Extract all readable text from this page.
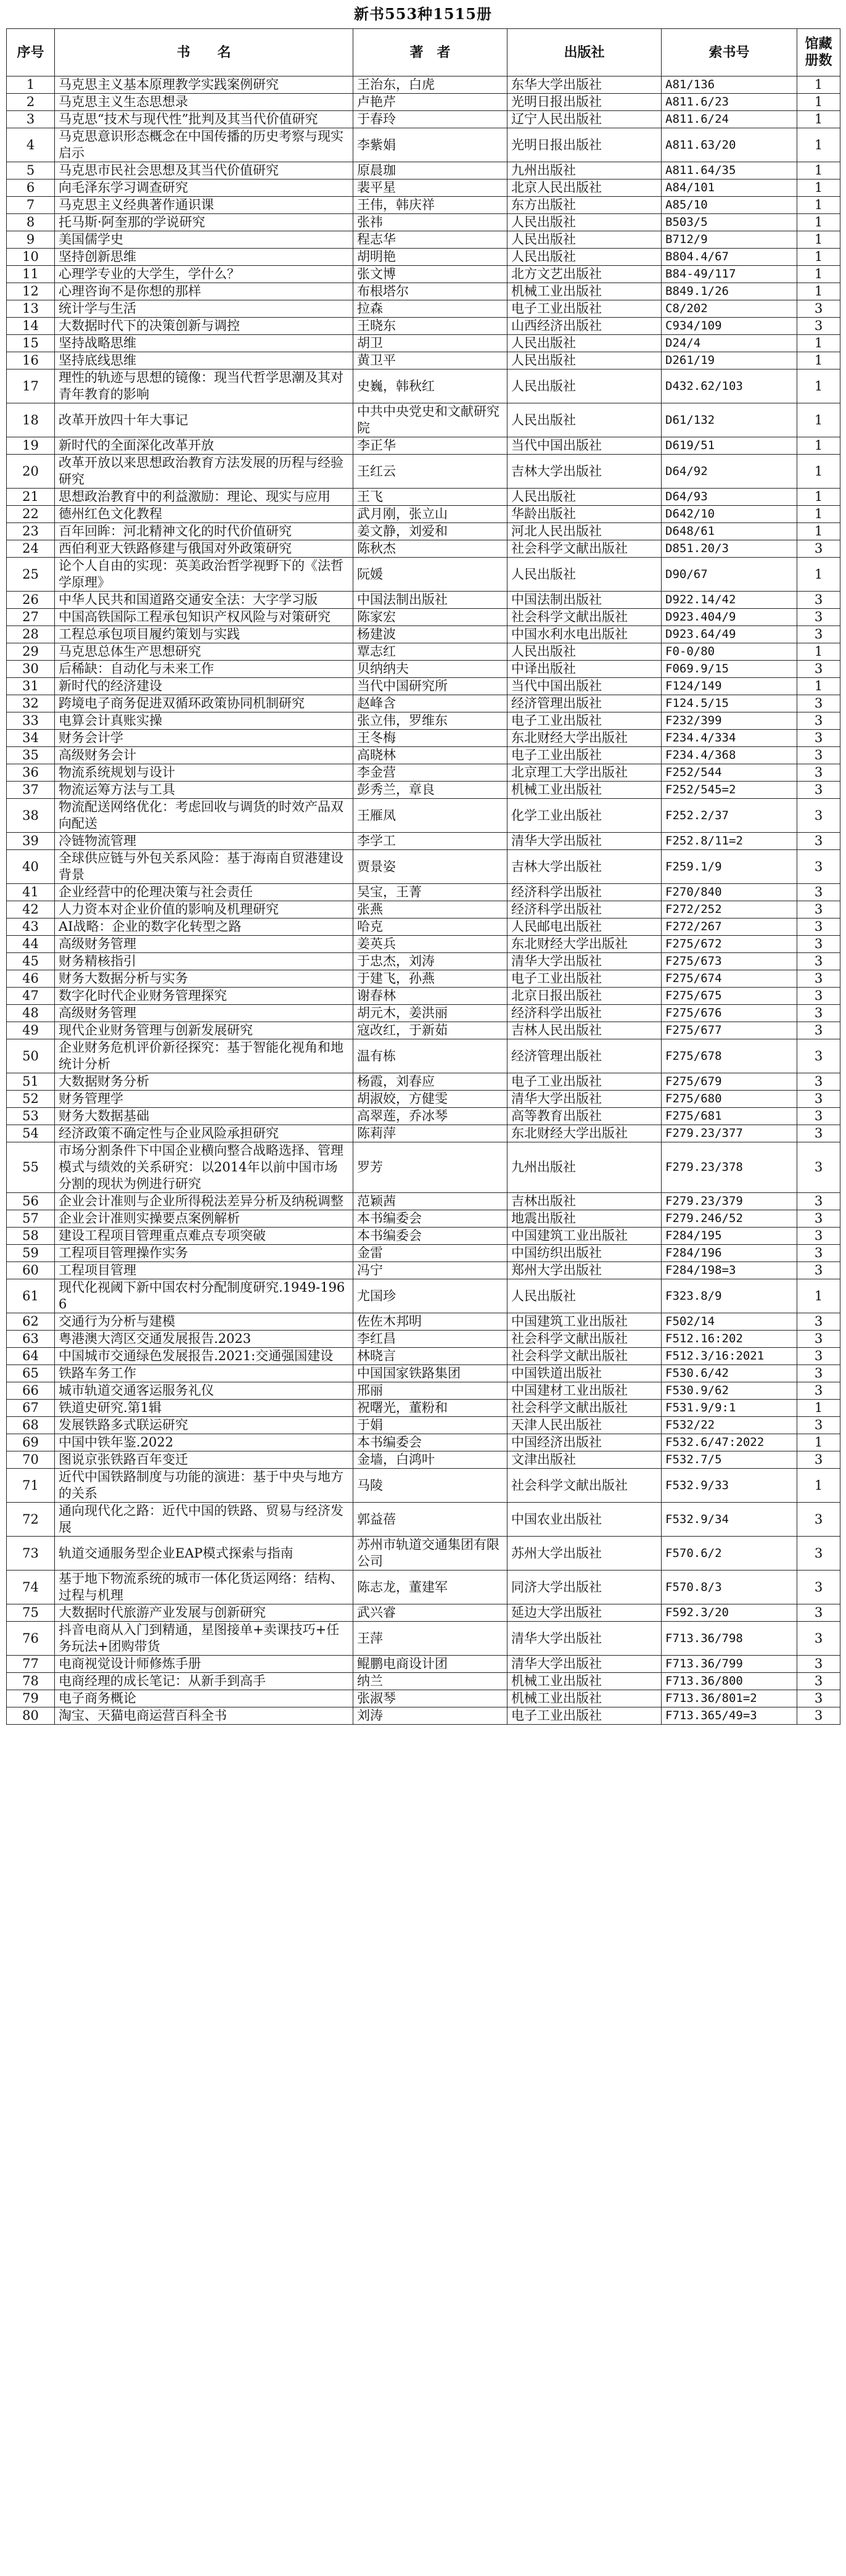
新书553种1515册
序号	书　　名	著　者	出版社	索书号	馆藏册数
1	马克思主义基本原理教学实践案例研究	王治东，白虎	东华大学出版社	A81/136	1
2	马克思主义生态思想录	卢艳芹	光明日报出版社	A811.6/23	1
3	马克思“技术与现代性”批判及其当代价值研究	于春玲	辽宁人民出版社	A811.6/24	1
4	马克思意识形态概念在中国传播的历史考察与现实启示	李紫娟	光明日报出版社	A811.63/20	1
5	马克思市民社会思想及其当代价值研究	原晨珈	九州出版社	A811.64/35	1
6	向毛泽东学习调查研究	裴平星	北京人民出版社	A84/101	1
7	马克思主义经典著作通识课	王伟，韩庆祥	东方出版社	A85/10	1
8	托马斯·阿奎那的学说研究	张祎	人民出版社	B503/5	1
9	美国儒学史	程志华	人民出版社	B712/9	1
10	坚持创新思维	胡明艳	人民出版社	B804.4/67	1
11	心理学专业的大学生，学什么？	张文博	北方文艺出版社	B84-49/117	1
12	心理咨询不是你想的那样	布根塔尔	机械工业出版社	B849.1/26	1
13	统计学与生活	拉森	电子工业出版社	C8/202	3
14	大数据时代下的决策创新与调控	王晓东	山西经济出版社	C934/109	3
15	坚持战略思维	胡卫	人民出版社	D24/4	1
16	坚持底线思维	黄卫平	人民出版社	D261/19	1
17	理性的轨迹与思想的镜像：现当代哲学思潮及其对青年教育的影响	史巍，韩秋红	人民出版社	D432.62/103	1
18	改革开放四十年大事记	中共中央党史和文献研究院	人民出版社	D61/132	1
19	新时代的全面深化改革开放	李正华	当代中国出版社	D619/51	1
20	改革开放以来思想政治教育方法发展的历程与经验研究	王红云	吉林大学出版社	D64/92	1
21	思想政治教育中的利益激励：理论、现实与应用	王飞	人民出版社	D64/93	1
22	德州红色文化教程	武月刚，张立山	华龄出版社	D642/10	1
23	百年回眸：河北精神文化的时代价值研究	姜文静，刘爱和	河北人民出版社	D648/61	1
24	西伯利亚大铁路修建与俄国对外政策研究	陈秋杰	社会科学文献出版社	D851.20/3	3
25	论个人自由的实现：英美政治哲学视野下的《法哲学原理》	阮媛	人民出版社	D90/67	1
26	中华人民共和国道路交通安全法：大字学习版	中国法制出版社	中国法制出版社	D922.14/42	3
27	中国高铁国际工程承包知识产权风险与对策研究	陈家宏	社会科学文献出版社	D923.404/9	3
28	工程总承包项目履约策划与实践	杨建波	中国水利水电出版社	D923.64/49	3
29	马克思总体生产思想研究	覃志红	人民出版社	F0-0/80	1
30	后稀缺：自动化与未来工作	贝纳纳夫	中译出版社	F069.9/15	3
31	新时代的经济建设	当代中国研究所	当代中国出版社	F124/149	1
32	跨境电子商务促进双循环政策协同机制研究	赵峰含	经济管理出版社	F124.5/15	3
33	电算会计真账实操	张立伟，罗维东	电子工业出版社	F232/399	3
34	财务会计学	王冬梅	东北财经大学出版社	F234.4/334	3
35	高级财务会计	高晓林	电子工业出版社	F234.4/368	3
36	物流系统规划与设计	李金营	北京理工大学出版社	F252/544	3
37	物流运筹方法与工具	彭秀兰，章良	机械工业出版社	F252/545=2	3
38	物流配送网络优化：考虑回收与调货的时效产品双向配送	王雁凤	化学工业出版社	F252.2/37	3
39	冷链物流管理	李学工	清华大学出版社	F252.8/11=2	3
40	全球供应链与外包关系风险：基于海南自贸港建设背景	贾景姿	吉林大学出版社	F259.1/9	3
41	企业经营中的伦理决策与社会责任	吴宝，王菁	经济科学出版社	F270/840	3
42	人力资本对企业价值的影响及机理研究	张燕	经济科学出版社	F272/252	3
43	AI战略：企业的数字化转型之路	哈克	人民邮电出版社	F272/267	3
44	高级财务管理	姜英兵	东北财经大学出版社	F275/672	3
45	财务精核指引	于忠杰，刘涛	清华大学出版社	F275/673	3
46	财务大数据分析与实务	于建飞，孙燕	电子工业出版社	F275/674	3
47	数字化时代企业财务管理探究	谢春林	北京日报出版社	F275/675	3
48	高级财务管理	胡元木，姜洪丽	经济科学出版社	F275/676	3
49	现代企业财务管理与创新发展研究	寇改红，于新茹	吉林人民出版社	F275/677	3
50	企业财务危机评价新径探究：基于智能化视角和地统计分析	温有栋	经济管理出版社	F275/678	3
51	大数据财务分析	杨霞，刘春应	电子工业出版社	F275/679	3
52	财务管理学	胡淑姣，方健雯	清华大学出版社	F275/680	3
53	财务大数据基础	高翠莲，乔冰琴	高等教育出版社	F275/681	3
54	经济政策不确定性与企业风险承担研究	陈莉萍	东北财经大学出版社	F279.23/377	3
55	市场分割条件下中国企业横向整合战略选择、管理模式与绩效的关系研究：以2014年以前中国市场分割的现状为例进行研究	罗芳	九州出版社	F279.23/378	3
56	企业会计准则与企业所得税法差异分析及纳税调整	范颖茜	吉林出版社	F279.23/379	3
57	企业会计准则实操要点案例解析	本书编委会	地震出版社	F279.246/52	3
58	建设工程项目管理重点难点专项突破	本书编委会	中国建筑工业出版社	F284/195	3
59	工程项目管理操作实务	金雷	中国纺织出版社	F284/196	3
60	工程项目管理	冯宁	郑州大学出版社	F284/198=3	3
61	现代化视阈下新中国农村分配制度研究.1949-1966	尤国珍	人民出版社	F323.8/9	1
62	交通行为分析与建模	佐佐木邦明	中国建筑工业出版社	F502/14	3
63	粤港澳大湾区交通发展报告.2023	李红昌	社会科学文献出版社	F512.16:202	3
64	中国城市交通绿色发展报告.2021:交通强国建设	林晓言	社会科学文献出版社	F512.3/16:2021	3
65	铁路车务工作	中国国家铁路集团	中国铁道出版社	F530.6/42	3
66	城市轨道交通客运服务礼仪	邢丽	中国建材工业出版社	F530.9/62	3
67	铁道史研究.第1辑	祝曙光，董粉和	社会科学文献出版社	F531.9/9:1	1
68	发展铁路多式联运研究	于娟	天津人民出版社	F532/22	3
69	中国中铁年鉴.2022	本书编委会	中国经济出版社	F532.6/47:2022	1
70	图说京张铁路百年变迁	金墙，白鸿叶	文津出版社	F532.7/5	3
71	近代中国铁路制度与功能的演进：基于中央与地方的关系	马陵	社会科学文献出版社	F532.9/33	1
72	通向现代化之路：近代中国的铁路、贸易与经济发展	郭益蓓	中国农业出版社	F532.9/34	3
73	轨道交通服务型企业EAP模式探索与指南	苏州市轨道交通集团有限公司	苏州大学出版社	F570.6/2	3
74	基于地下物流系统的城市一体化货运网络：结构、过程与机理	陈志龙，董建军	同济大学出版社	F570.8/3	3
75	大数据时代旅游产业发展与创新研究	武兴睿	延边大学出版社	F592.3/20	3
76	抖音电商从入门到精通，星图接单+卖课技巧+任务玩法+团购带货	王萍	清华大学出版社	F713.36/798	3
77	电商视觉设计师修炼手册	鲲鹏电商设计团	清华大学出版社	F713.36/799	3
78	电商经理的成长笔记：从新手到高手	纳兰	机械工业出版社	F713.36/800	3
79	电子商务概论	张淑琴	机械工业出版社	F713.36/801=2	3
80	淘宝、天猫电商运营百科全书	刘涛	电子工业出版社	F713.365/49=3	3
